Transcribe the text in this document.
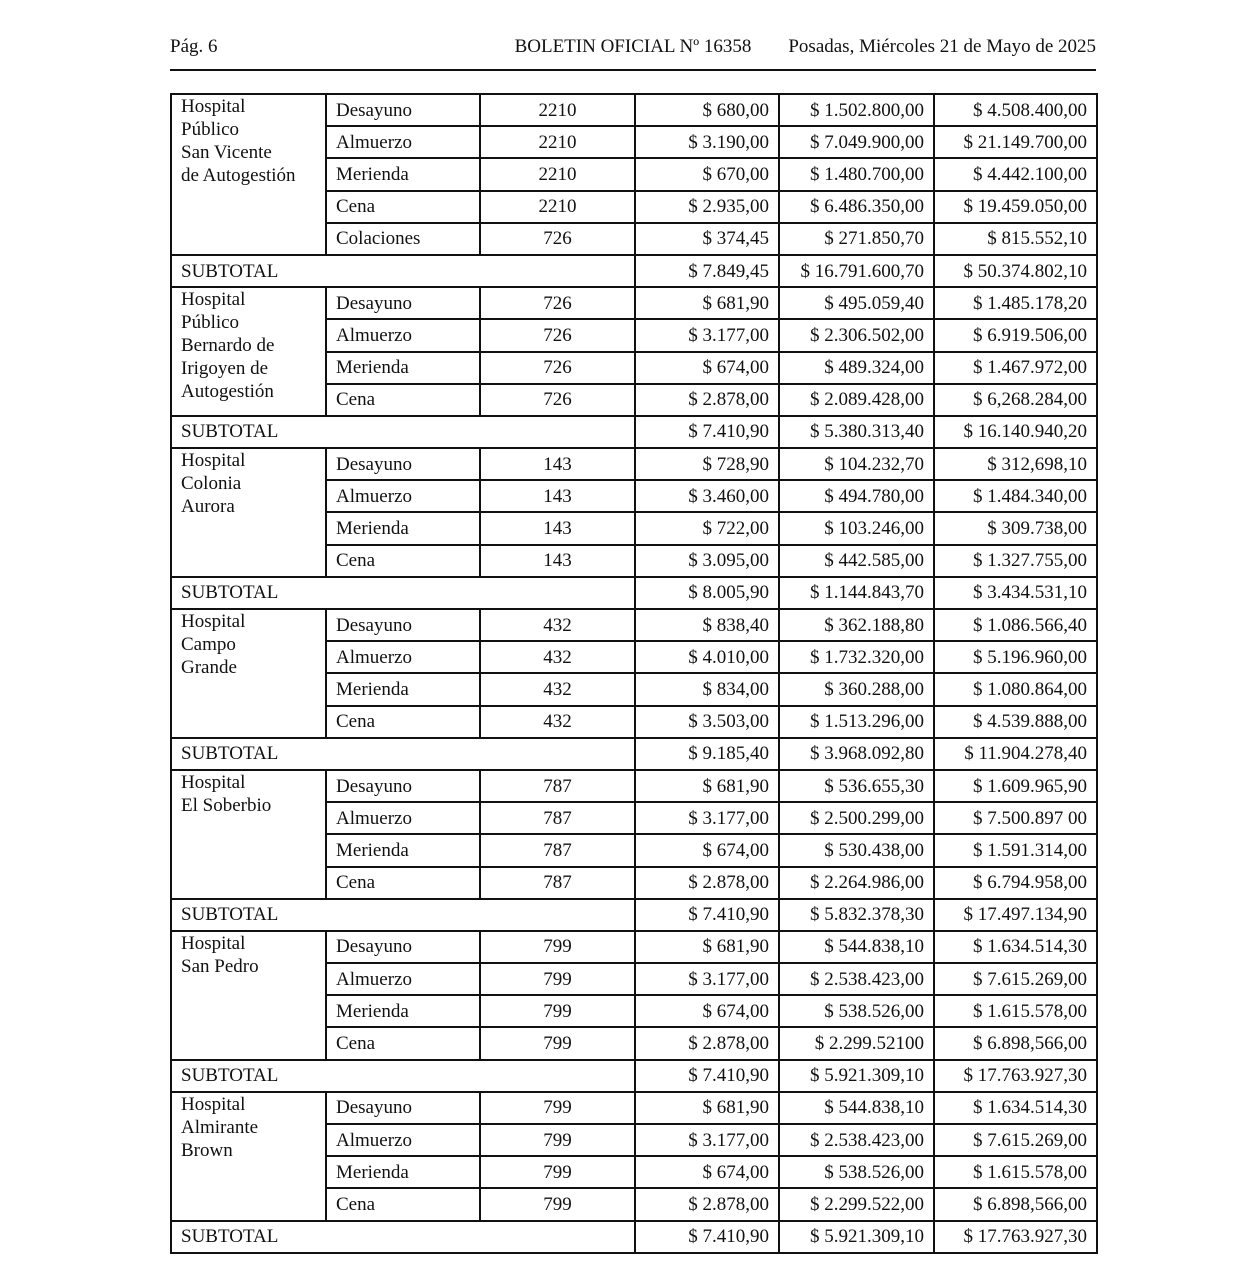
Pág. 6	BOLETIN OFICIAL Nº 16358	Posadas, Miércoles 21 de Mayo de 2025
Hospital
Público
San Vicente
de Autogestión	Desayuno	2210	$ 680,00	$ 1.502.800,00	$ 4.508.400,00
	Almuerzo	2210	$ 3.190,00	$ 7.049.900,00	$ 21.149.700,00
	Merienda	2210	$ 670,00	$ 1.480.700,00	$ 4.442.100,00
	Cena	2210	$ 2.935,00	$ 6.486.350,00	$ 19.459.050,00
	Colaciones	726	$ 374,45	$ 271.850,70	$ 815.552,10
SUBTOTAL			$ 7.849,45	$ 16.791.600,70	$ 50.374.802,10

Hospital
Público
Bernardo de
Irigoyen de
Autogestión	Desayuno	726	$ 681,90	$ 495.059,40	$ 1.485.178,20
	Almuerzo	726	$ 3.177,00	$ 2.306.502,00	$ 6.919.506,00
	Merienda	726	$ 674,00	$ 489.324,00	$ 1.467.972,00
	Cena	726	$ 2.878,00	$ 2.089.428,00	$ 6,268.284,00
SUBTOTAL			$ 7.410,90	$ 5.380.313,40	$ 16.140.940,20

Hospital
Colonia
Aurora	Desayuno	143	$ 728,90	$ 104.232,70	$ 312,698,10
	Almuerzo	143	$ 3.460,00	$ 494.780,00	$ 1.484.340,00
	Merienda	143	$ 722,00	$ 103.246,00	$ 309.738,00
	Cena	143	$ 3.095,00	$ 442.585,00	$ 1.327.755,00
SUBTOTAL			$ 8.005,90	$ 1.144.843,70	$ 3.434.531,10

Hospital
Campo
Grande	Desayuno	432	$ 838,40	$ 362.188,80	$ 1.086.566,40
	Almuerzo	432	$ 4.010,00	$ 1.732.320,00	$ 5.196.960,00
	Merienda	432	$ 834,00	$ 360.288,00	$ 1.080.864,00
	Cena	432	$ 3.503,00	$ 1.513.296,00	$ 4.539.888,00
SUBTOTAL			$ 9.185,40	$ 3.968.092,80	$ 11.904.278,40

Hospital
El Soberbio	Desayuno	787	$ 681,90	$ 536.655,30	$ 1.609.965,90
	Almuerzo	787	$ 3.177,00	$ 2.500.299,00	$ 7.500.897 00
	Merienda	787	$ 674,00	$ 530.438,00	$ 1.591.314,00
	Cena	787	$ 2.878,00	$ 2.264.986,00	$ 6.794.958,00
SUBTOTAL			$ 7.410,90	$ 5.832.378,30	$ 17.497.134,90

Hospital
San Pedro	Desayuno	799	$ 681,90	$ 544.838,10	$ 1.634.514,30
	Almuerzo	799	$ 3.177,00	$ 2.538.423,00	$ 7.615.269,00
	Merienda	799	$ 674,00	$ 538.526,00	$ 1.615.578,00
	Cena	799	$ 2.878,00	$ 2.299.52100	$ 6.898,566,00
SUBTOTAL			$ 7.410,90	$ 5.921.309,10	$ 17.763.927,30

Hospital
Almirante
Brown	Desayuno	799	$ 681,90	$ 544.838,10	$ 1.634.514,30
	Almuerzo	799	$ 3.177,00	$ 2.538.423,00	$ 7.615.269,00
	Merienda	799	$ 674,00	$ 538.526,00	$ 1.615.578,00
	Cena	799	$ 2.878,00	$ 2.299.522,00	$ 6.898,566,00
SUBTOTAL			$ 7.410,90	$ 5.921.309,10	$ 17.763.927,30
